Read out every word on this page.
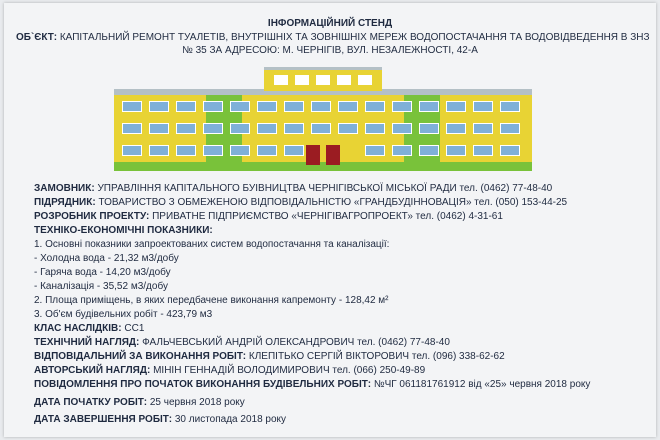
ІНФОРМАЦІЙНИЙ СТЕНД
ОБ`ЄКТ: КАПІТАЛЬНИЙ РЕМОНТ ТУАЛЕТІВ, ВНУТРІШНІХ ТА ЗОВНІШНІХ МЕРЕЖ ВОДОПОСТАЧАННЯ ТА ВОДОВІДВЕДЕННЯ В ЗНЗ
№ 35 ЗА АДРЕСОЮ: М. ЧЕРНІГІВ, ВУЛ. НЕЗАЛЕЖНОСТІ, 42-А
ЗАМОВНИК: УПРАВЛІННЯ КАПІТАЛЬНОГО БУІВНИЦТВА ЧЕРНІГІВСЬКОЇ МІСЬКОЇ РАДИ тел. (0462) 77-48-40
ПІДРЯДНИК: ТОВАРИСТВО З ОБМЕЖЕНОЮ ВІДПОВІДАЛЬНІСТЮ «ГРАНДБУДІННОВАЦІЯ» тел. (050) 153-44-25
РОЗРОБНИК ПРОЕКТУ: ПРИВАТНЕ ПІДПРИЄМСТВО «ЧЕРНІГІВАГРОПРОЕКТ» тел. (0462) 4-31-61
ТЕХНІКО-ЕКОНОМІЧНІ ПОКАЗНИКИ:
1. Основні показники запроектованих систем водопостачання та каналізації:
- Холодна вода - 21,32 м3/добу
- Гаряча вода - 14,20 м3/добу
- Каналізація - 35,52 м3/добу
2. Площа приміщень, в яких передбачене виконання капремонту - 128,42 м²
3. Об'єм будівельних робіт - 423,79 м3
КЛАС НАСЛІДКІВ: СС1
ТЕХНІЧНИЙ НАГЛЯД: ФАЛЬЧЕВСЬКИЙ АНДРІЙ ОЛЕКСАНДРОВИЧ тел. (0462) 77-48-40
ВІДПОВІДАЛЬНИЙ ЗА ВИКОНАННЯ РОБІТ: КЛЕПІТЬКО СЕРГІЙ ВІКТОРОВИЧ тел. (096) 338-62-62
АВТОРСЬКИЙ НАГЛЯД: МІНІН ГЕННАДІЙ ВОЛОДИМИРОВИЧ тел. (066) 250-49-89
ПОВІДОМЛЕННЯ ПРО ПОЧАТОК ВИКОНАННЯ БУДІВЕЛЬНИХ РОБІТ: №ЧГ 061181761912 від «25» червня 2018 року
ДАТА ПОЧАТКУ РОБІТ: 25 червня 2018 року
ДАТА ЗАВЕРШЕННЯ РОБІТ: 30 листопада 2018 року
